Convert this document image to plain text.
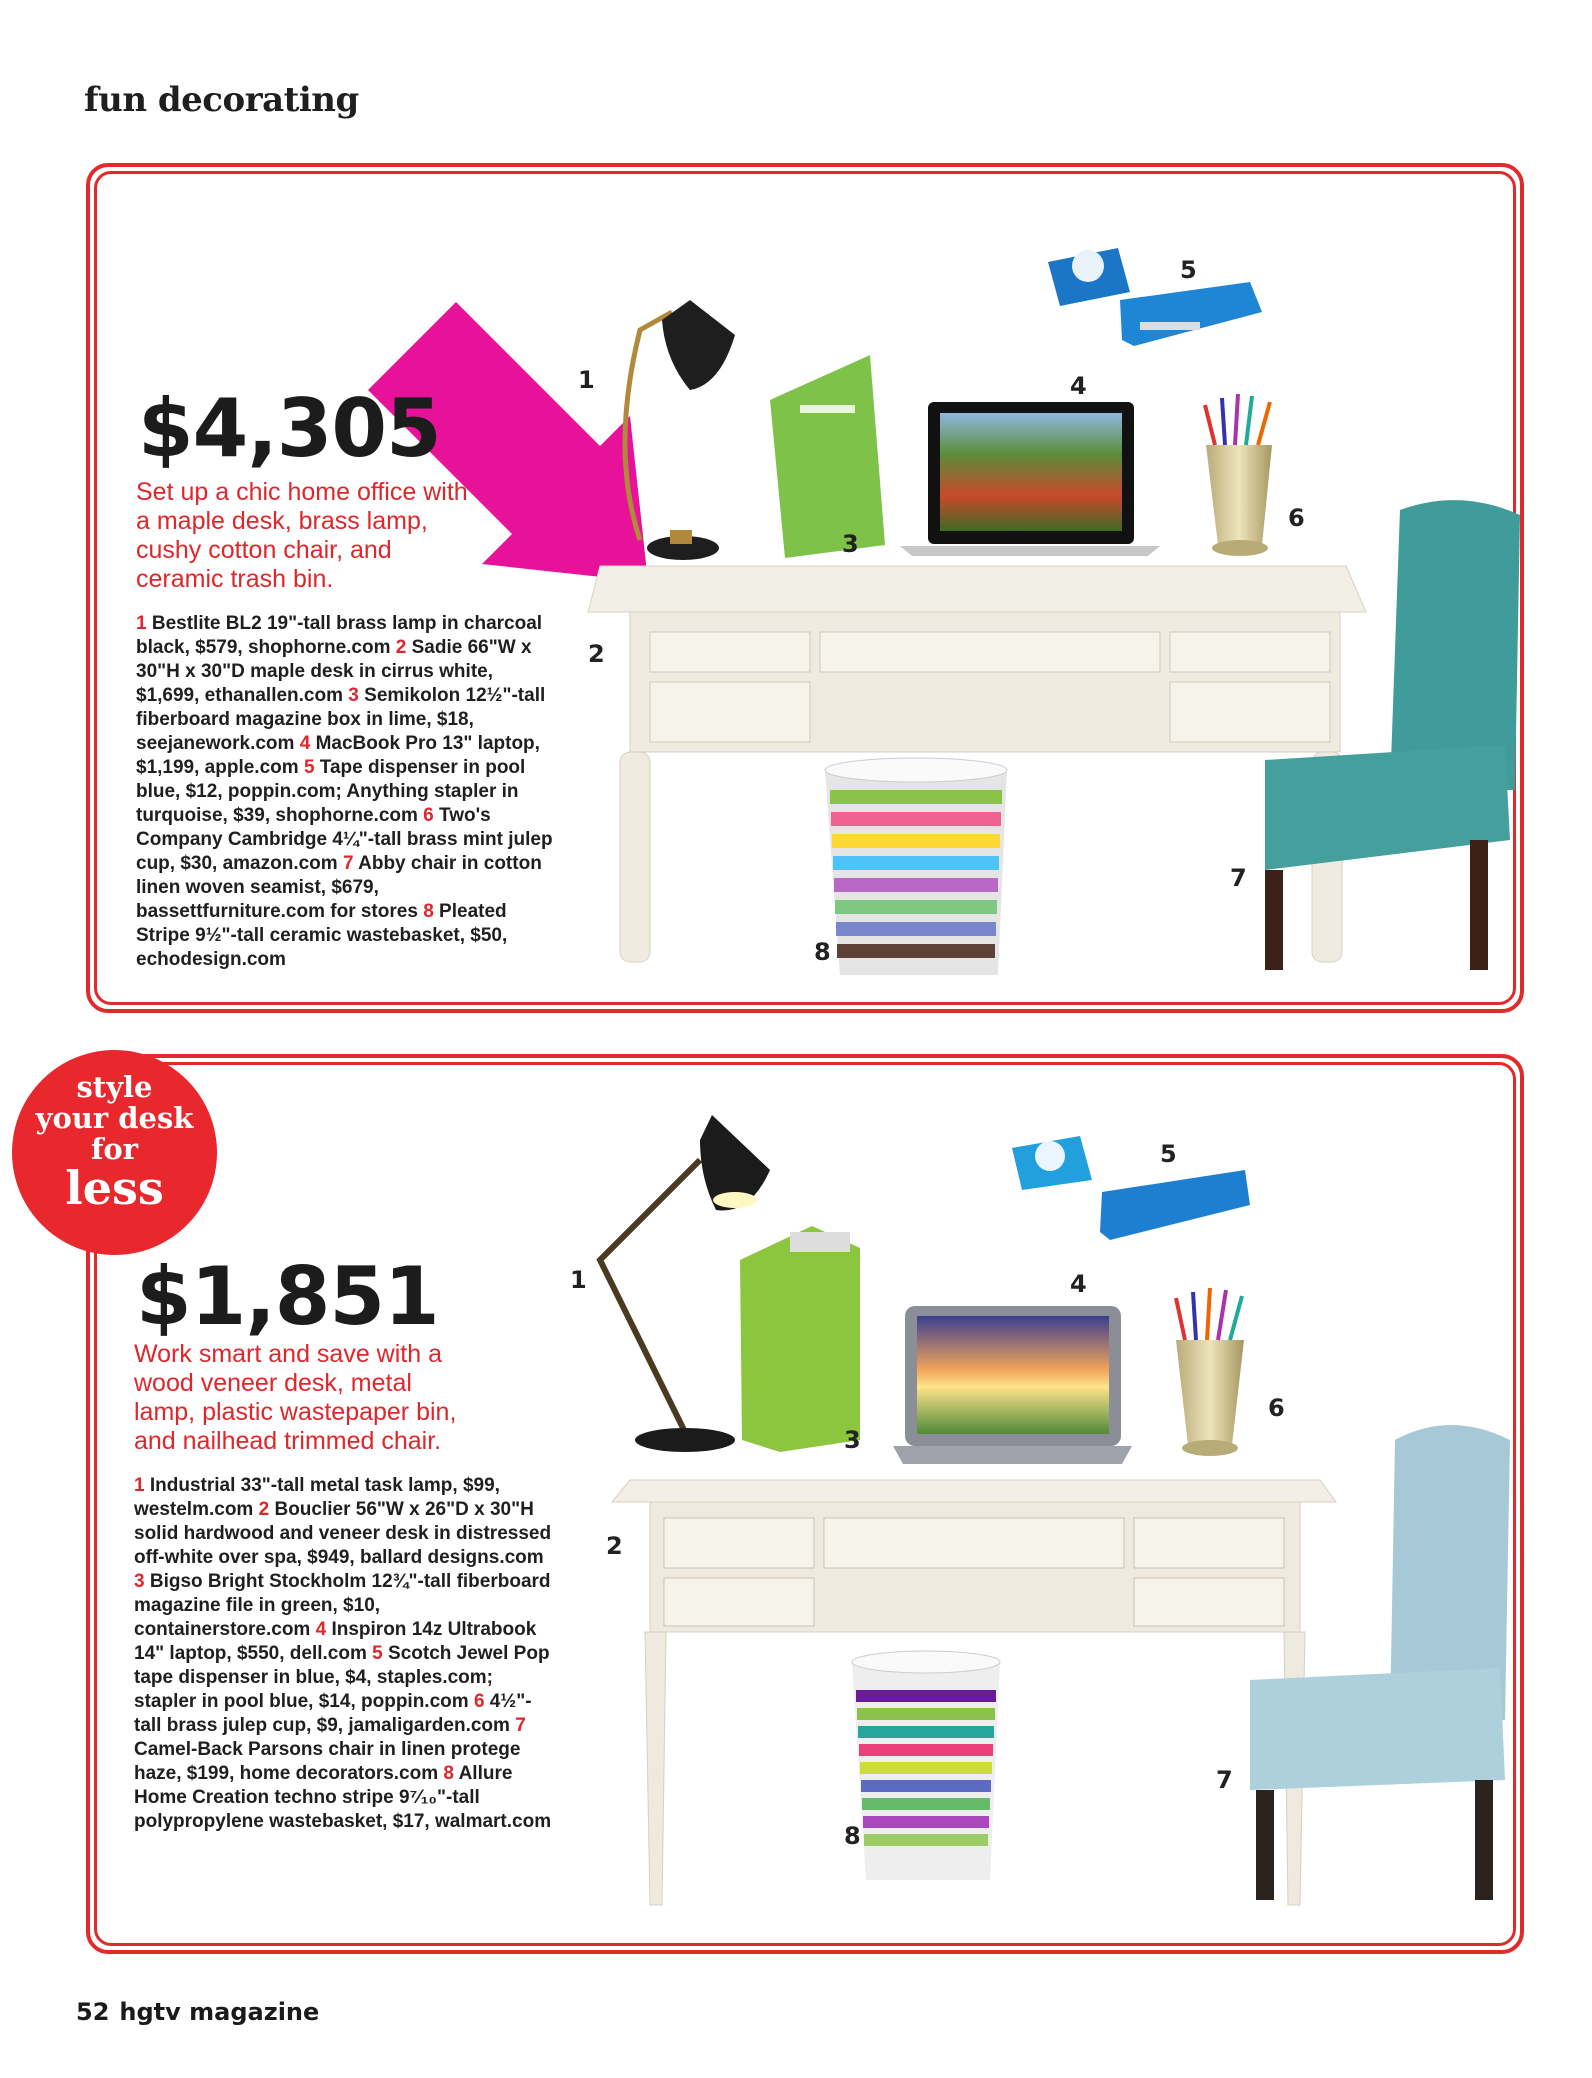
fun decorating
$4,305
Set up a chic home office with a maple desk, brass lamp, cushy cotton chair, and ceramic trash bin.
1 Bestlite BL2 19"-tall brass lamp in charcoal black, $579, shophorne.com 2 Sadie 66"W x 30"H x 30"D maple desk in cirrus white, $1,699, ethanallen.com 3 Semikolon 12½"-tall fiberboard magazine box in lime, $18, seejanework.com 4 MacBook Pro 13" laptop, $1,199, apple.com 5 Tape dispenser in pool blue, $12, poppin.com; Anything stapler in turquoise, $39, shophorne.com 6 Two's Company Cambridge 4¼"-tall brass mint julep cup, $30, amazon.com 7 Abby chair in cotton linen woven seamist, $679, bassettfurniture.com for stores 8 Pleated Stripe 9½"-tall ceramic wastebasket, $50, echodesign.com
1
2
3
4
5
6
7
8
style
your desk
for
less
$1,851
Work smart and save with a wood veneer desk, metal lamp, plastic wastepaper bin, and nailhead trimmed chair.
1 Industrial 33"-tall metal task lamp, $99, westelm.com 2 Bouclier 56"W x 26"D x 30"H solid hardwood and veneer desk in distressed off-white over spa, $949, ballard designs.com 3 Bigso Bright Stockholm 12¾"-tall fiberboard magazine file in green, $10, containerstore.com 4 Inspiron 14z Ultrabook 14" laptop, $550, dell.com 5 Scotch Jewel Pop tape dispenser in blue, $4, staples.com; stapler in pool blue, $14, poppin.com 6 4½"-tall brass julep cup, $9, jamaligarden.com 7 Camel-Back Parsons chair in linen protege haze, $199, home decorators.com 8 Allure Home Creation techno stripe 9⁷⁄₁₀"-tall polypropylene wastebasket, $17, walmart.com
1
2
3
4
5
6
7
8
52 hgtv magazine
